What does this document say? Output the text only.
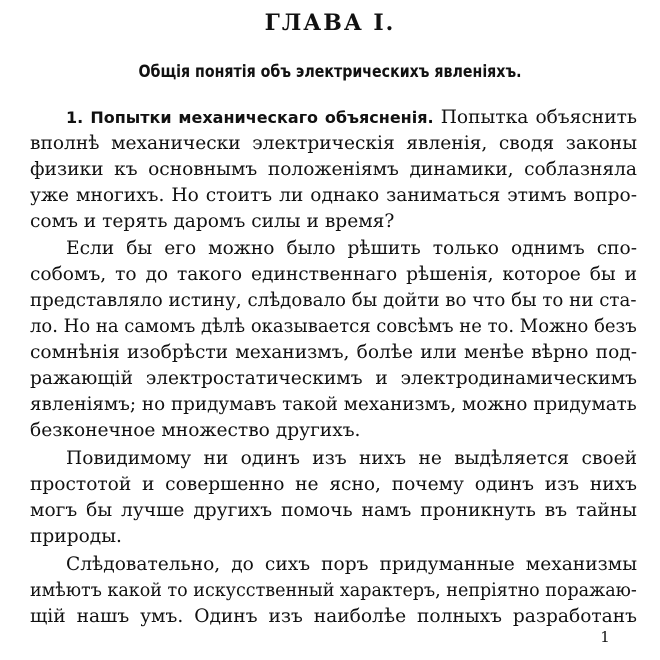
ГЛАВА I.
Общія понятія объ электрическихъ явленіяхъ.
1. Попытки механическаго объясненія. Попытка объяснить
вполнѣ механически электрическія явленія, сводя законы
физики къ основнымъ положеніямъ динамики, соблазняла
уже многихъ. Но стоитъ ли однако заниматься этимъ вопро-
сомъ и терять даромъ силы и время?
Если бы его можно было рѣшить только однимъ спо-
собомъ, то до такого единственнаго рѣшенія, которое бы и
представляло истину, слѣдовало бы дойти во что бы то ни ста-
ло. Но на самомъ дѣлѣ оказывается совсѣмъ не то. Можно безъ
сомнѣнія изобрѣсти механизмъ, болѣе или менѣе вѣрно под-
ражающій электростатическимъ и электродинамическимъ
явленіямъ; но придумавъ такой механизмъ, можно придумать
безконечное множество другихъ.
Повидимому ни одинъ изъ нихъ не выдѣляется своей
простотой и совершенно не ясно, почему одинъ изъ нихъ
могъ бы лучше другихъ помочь намъ проникнуть въ тайны
природы.
Слѣдовательно, до сихъ поръ придуманные механизмы
имѣютъ какой то искусственный характеръ, непріятно поражаю-
щій нашъ умъ. Одинъ изъ наиболѣе полныхъ разработанъ
1
